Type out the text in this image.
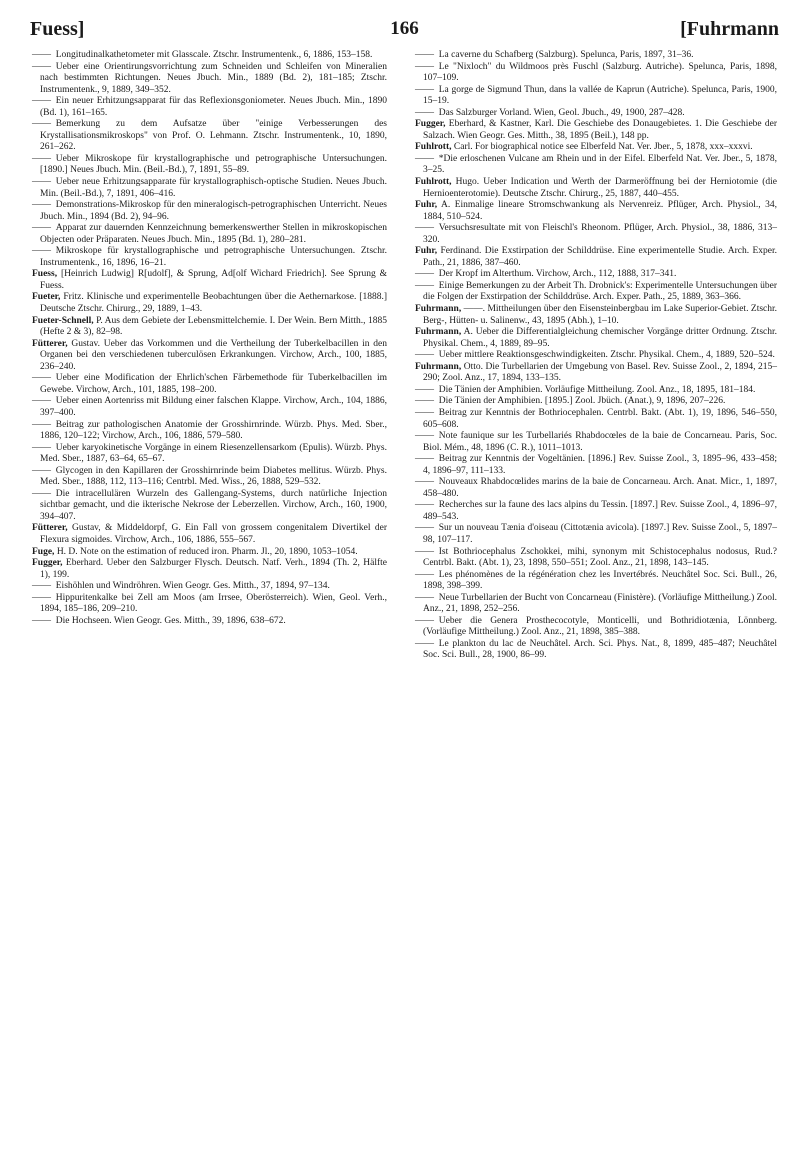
Fuess]	166	[Fuhrmann

—— Longitudinalkathetometer mit Glasscale. Ztschr. Instrumentenk., 6, 1886, 153–158.

—— Ueber eine Orientirungsvorrichtung zum Schneiden und Schleifen von Mineralien nach bestimmten Richtungen. Neues Jbuch. Min., 1889 (Bd. 2), 181–185; Ztschr. Instrumentenk., 9, 1889, 349–352.

—— Ein neuer Erhitzungsapparat für das Reflexionsgoniometer. Neues Jbuch. Min., 1890 (Bd. 1), 161–165.

—— Bemerkung zu dem Aufsatze über "einige Verbesserungen des Krystallisationsmikroskops" von Prof. O. Lehmann. Ztschr. Instrumentenk., 10, 1890, 261–262.

—— Ueber Mikroskope für krystallographische und petrographische Untersuchungen. [1890.] Neues Jbuch. Min. (Beil.-Bd.), 7, 1891, 55–89.

—— Ueber neue Erhitzungsapparate für krystallographisch-optische Studien. Neues Jbuch. Min. (Beil.-Bd.), 7, 1891, 406–416.

—— Demonstrations-Mikroskop für den mineralogisch-petrographischen Unterricht. Neues Jbuch. Min., 1894 (Bd. 2), 94–96.

—— Apparat zur dauernden Kennzeichnung bemerkenswerther Stellen in mikroskopischen Objecten oder Präparaten. Neues Jbuch. Min., 1895 (Bd. 1), 280–281.

—— Mikroskope für krystallographische und petrographische Untersuchungen. Ztschr. Instrumentenk., 16, 1896, 16–21.

Fuess, [Heinrich Ludwig] R[udolf], & Sprung, Ad[olf Wichard Friedrich]. See Sprung & Fuess.

Fueter, Fritz. Klinische und experimentelle Beobachtungen über die Aethernarkose. [1888.] Deutsche Ztschr. Chirurg., 29, 1889, 1–43.

Fueter-Schnell, P. Aus dem Gebiete der Lebensmittelchemie. I. Der Wein. Bern Mitth., 1885 (Hefte 2 & 3), 82–98.

Fütterer, Gustav. Ueber das Vorkommen und die Vertheilung der Tuberkelbacillen in den Organen bei den verschiedenen tuberculösen Erkrankungen. Virchow, Arch., 100, 1885, 236–240.

—— Ueber eine Modification der Ehrlich'schen Färbemethode für Tuberkelbacillen im Gewebe. Virchow, Arch., 101, 1885, 198–200.

—— Ueber einen Aortenriss mit Bildung einer falschen Klappe. Virchow, Arch., 104, 1886, 397–400.

—— Beitrag zur pathologischen Anatomie der Grosshirnrinde. Würzb. Phys. Med. Sber., 1886, 120–122; Virchow, Arch., 106, 1886, 579–580.

—— Ueber karyokinetische Vorgänge in einem Riesenzellensarkom (Epulis). Würzb. Phys. Med. Sber., 1887, 63–64, 65–67.

—— Glycogen in den Kapillaren der Grosshirnrinde beim Diabetes mellitus. Würzb. Phys. Med. Sber., 1888, 112, 113–116; Centrbl. Med. Wiss., 26, 1888, 529–532.

—— Die intracellulären Wurzeln des Gallengang-Systems, durch natürliche Injection sichtbar gemacht, und die ikterische Nekrose der Leberzellen. Virchow, Arch., 160, 1900, 394–407.

Fütterer, Gustav, & Middeldorpf, G. Ein Fall von grossem congenitalem Divertikel der Flexura sigmoides. Virchow, Arch., 106, 1886, 555–567.

Fuge, H. D. Note on the estimation of reduced iron. Pharm. Jl., 20, 1890, 1053–1054.

Fugger, Eberhard. Ueber den Salzburger Flysch. Deutsch. Natf. Verh., 1894 (Th. 2, Hälfte 1), 199.

—— Eishöhlen und Windröhren. Wien Geogr. Ges. Mitth., 37, 1894, 97–134.

—— Hippuritenkalke bei Zell am Moos (am Irrsee, Oberösterreich). Wien, Geol. Verh., 1894, 185–186, 209–210.

—— Die Hochseen. Wien Geogr. Ges. Mitth., 39, 1896, 638–672.

—— La caverne du Schafberg (Salzburg). Spelunca, Paris, 1897, 31–36.

—— Le "Nixloch" du Wildmoos près Fuschl (Salzburg. Autriche). Spelunca, Paris, 1898, 107–109.

—— La gorge de Sigmund Thun, dans la vallée de Kaprun (Autriche). Spelunca, Paris, 1900, 15–19.

—— Das Salzburger Vorland. Wien, Geol. Jbuch., 49, 1900, 287–428.

Fugger, Eberhard, & Kastner, Karl. Die Geschiebe des Donaugebietes. 1. Die Geschiebe der Salzach. Wien Geogr. Ges. Mitth., 38, 1895 (Beil.), 148 pp.

Fuhlrott, Carl. For biographical notice see Elberfeld Nat. Ver. Jber., 5, 1878, xxx–xxxvi.

—— *Die erloschenen Vulcane am Rhein und in der Eifel. Elberfeld Nat. Ver. Jber., 5, 1878, 3–25.

Fuhlrott, Hugo. Ueber Indication und Werth der Darmeröffnung bei der Herniotomie (die Hernioenterotomie). Deutsche Ztschr. Chirurg., 25, 1887, 440–455.

Fuhr, A. Einmalige lineare Stromschwankung als Nervenreiz. Pflüger, Arch. Physiol., 34, 1884, 510–524.

—— Versuchsresultate mit von Fleischl's Rheonom. Pflüger, Arch. Physiol., 38, 1886, 313–320.

Fuhr, Ferdinand. Die Exstirpation der Schilddrüse. Eine experimentelle Studie. Arch. Exper. Path., 21, 1886, 387–460.

—— Der Kropf im Alterthum. Virchow, Arch., 112, 1888, 317–341.

—— Einige Bemerkungen zu der Arbeit Th. Drobnick's: Experimentelle Untersuchungen über die Folgen der Exstirpation der Schilddrüse. Arch. Exper. Path., 25, 1889, 363–366.

Fuhrmann, ——. Mittheilungen über den Eisensteinbergbau im Lake Superior-Gebiet. Ztschr. Berg-, Hütten- u. Salinenw., 43, 1895 (Abh.), 1–10.

Fuhrmann, A. Ueber die Differentialgleichung chemischer Vorgänge dritter Ordnung. Ztschr. Physikal. Chem., 4, 1889, 89–95.

—— Ueber mittlere Reaktionsgeschwindigkeiten. Ztschr. Physikal. Chem., 4, 1889, 520–524.

Fuhrmann, Otto. Die Turbellarien der Umgebung von Basel. Rev. Suisse Zool., 2, 1894, 215–290; Zool. Anz., 17, 1894, 133–135.

—— Die Tänien der Amphibien. Vorläufige Mittheilung. Zool. Anz., 18, 1895, 181–184.

—— Die Tänien der Amphibien. [1895.] Zool. Jbüch. (Anat.), 9, 1896, 207–226.

—— Beitrag zur Kenntnis der Bothriocephalen. Centrbl. Bakt. (Abt. 1), 19, 1896, 546–550, 605–608.

—— Note faunique sur les Turbellariés Rhabdocœles de la baie de Concarneau. Paris, Soc. Biol. Mém., 48, 1896 (C. R.), 1011–1013.

—— Beitrag zur Kenntnis der Vogeltänien. [1896.] Rev. Suisse Zool., 3, 1895–96, 433–458; 4, 1896–97, 111–133.

—— Nouveaux Rhabdocœlides marins de la baie de Concarneau. Arch. Anat. Micr., 1, 1897, 458–480.

—— Recherches sur la faune des lacs alpins du Tessin. [1897.] Rev. Suisse Zool., 4, 1896–97, 489–543.

—— Sur un nouveau Tænia d'oiseau (Cittotænia avicola). [1897.] Rev. Suisse Zool., 5, 1897–98, 107–117.

—— Ist Bothriocephalus Zschokkei, mihi, synonym mit Schistocephalus nodosus, Rud.? Centrbl. Bakt. (Abt. 1), 23, 1898, 550–551; Zool. Anz., 21, 1898, 143–145.

—— Les phénomènes de la régénération chez les Invertébrés. Neuchâtel Soc. Sci. Bull., 26, 1898, 398–399.

—— Neue Turbellarien der Bucht von Concarneau (Finistère). (Vorläufige Mittheilung.) Zool. Anz., 21, 1898, 252–256.

—— Ueber die Genera Prosthecocotyle, Monticelli, und Bothridiotænia, Lönnberg. (Vorläufige Mittheilung.) Zool. Anz., 21, 1898, 385–388.

—— Le plankton du lac de Neuchâtel. Arch. Sci. Phys. Nat., 8, 1899, 485–487; Neuchâtel Soc. Sci. Bull., 28, 1900, 86–99.
